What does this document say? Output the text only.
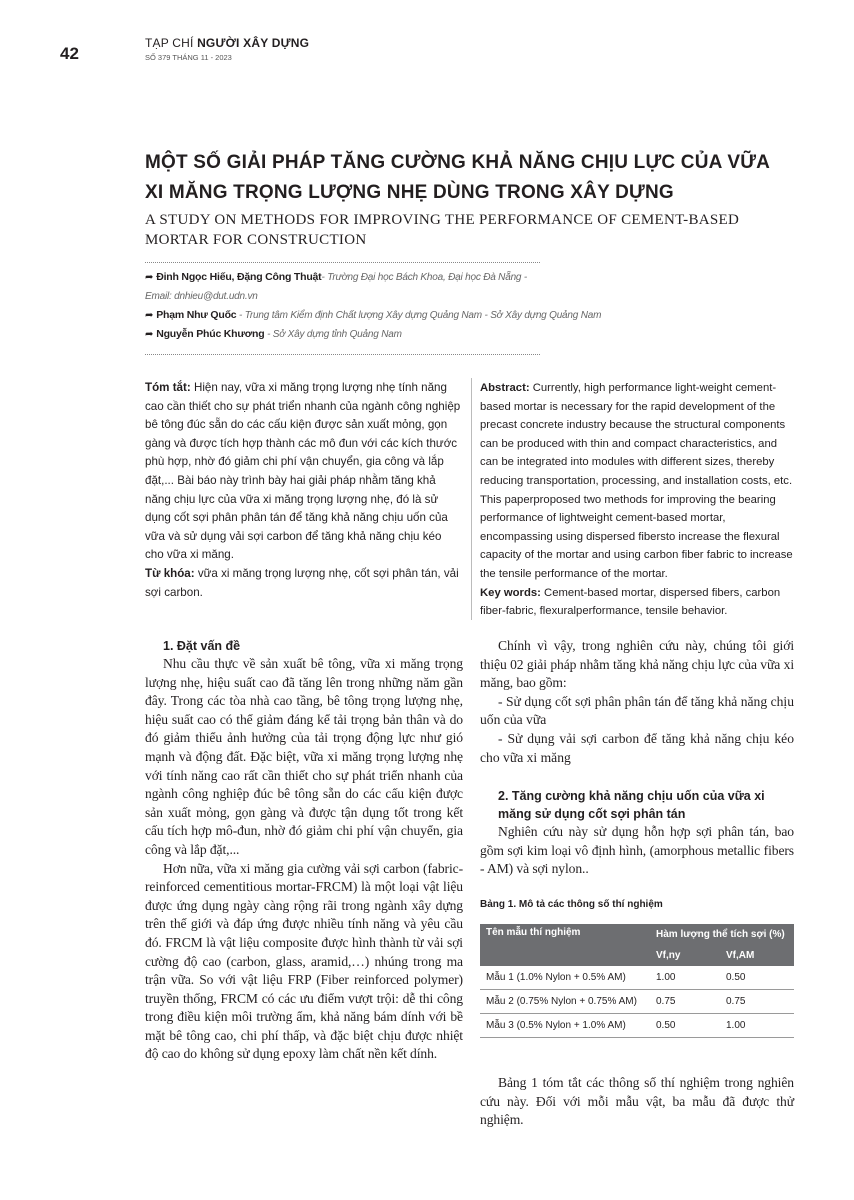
42
TẠP CHÍ NGƯỜI XÂY DỰNG
SỐ 379 THÁNG 11 - 2023
MỘT SỐ GIẢI PHÁP TĂNG CƯỜNG KHẢ NĂNG CHỊU LỰC CỦA VỮA XI MĂNG TRỌNG LƯỢNG NHẸ DÙNG TRONG XÂY DỰNG
A STUDY ON METHODS FOR IMPROVING THE PERFORMANCE OF CEMENT-BASED MORTAR FOR CONSTRUCTION
➦ Đinh Ngọc Hiếu, Đặng Công Thuật- Trường Đại học Bách Khoa, Đại học Đà Nẵng -
Email: dnhieu@dut.udn.vn
➦ Phạm Như Quốc - Trung tâm Kiểm định Chất lượng Xây dựng Quảng Nam - Sở Xây dựng Quảng Nam
➦ Nguyễn Phúc Khương - Sở Xây dựng tỉnh Quảng Nam
Tóm tắt: Hiện nay, vữa xi măng trọng lượng nhẹ tính năng cao cần thiết cho sự phát triển nhanh của ngành công nghiệp bê tông đúc sẵn do các cấu kiện được sản xuất mỏng, gọn gàng và được tích hợp thành các mô đun với các kích thước phù hợp, nhờ đó giảm chi phí vận chuyển, gia công và lắp đặt,... Bài báo này trình bày hai giải pháp nhằm tăng khả năng chịu lực của vữa xi măng trọng lượng nhẹ, đó là sử dụng cốt sợi phân phân tán để tăng khả năng chịu uốn của vữa và sử dụng vải sợi carbon để tăng khả năng chịu kéo cho vữa xi măng.
Từ khóa: vữa xi măng trọng lượng nhẹ, cốt sợi phân tán, vải sợi carbon.
Abstract: Currently, high performance light-weight cement-based mortar is necessary for the rapid development of the precast concrete industry because the structural components can be produced with thin and compact characteristics, and can be integrated into modules with different sizes, thereby reducing transportation, processing, and installation costs, etc. This paperproposed two methods for improving the bearing performance of lightweight cement-based mortar, encompassing using dispersed fibersto increase the flexural capacity of the mortar and using carbon fiber fabric to increase the tensile performance of the mortar.
Key words: Cement-based mortar, dispersed fibers, carbon fiber-fabric, flexuralperformance, tensile behavior.
1. Đặt vấn đề

Nhu cầu thực về sản xuất bê tông, vữa xi măng trọng lượng nhẹ, hiệu suất cao đã tăng lên trong những năm gần đây. Trong các tòa nhà cao tầng, bê tông trọng lượng nhẹ, hiệu suất cao có thể giảm đáng kể tải trọng bản thân và do đó giảm thiểu ảnh hưởng của tải trọng động lực như gió mạnh và động đất. Đặc biệt, vữa xi măng trọng lượng nhẹ với tính năng cao rất cần thiết cho sự phát triển nhanh của ngành công nghiệp đúc bê tông sẵn do các cấu kiện được sản xuất mỏng, gọn gàng và được tận dụng tốt trong kết cấu tích hợp mô-đun, nhờ đó giảm chi phí vận chuyển, gia công và lắp đặt,...

Hơn nữa, vữa xi măng gia cường vải sợi carbon (fabric-reinforced cementitious mortar-FRCM) là một loại vật liệu được ứng dụng ngày càng rộng rãi trong ngành xây dựng trên thế giới và đáp ứng được nhiều tính năng và yêu cầu đó. FRCM là vật liệu composite được hình thành từ vải sợi cường độ cao (carbon, glass, aramid,…) nhúng trong ma trận vữa. So với vật liệu FRP (Fiber reinforced polymer) truyền thống, FRCM có các ưu điểm vượt trội: dễ thi công trong điều kiện môi trường ẩm, khả năng bám dính với bề mặt bê tông cao, chi phí thấp, và đặc biệt chịu được nhiệt độ cao do không sử dụng epoxy làm chất nền kết dính.

Chính vì vậy, trong nghiên cứu này, chúng tôi giới thiệu 02 giải pháp nhằm tăng khả năng chịu lực của vữa xi măng, bao gồm:

- Sử dụng cốt sợi phân phân tán để tăng khả năng chịu uốn của vữa

- Sử dụng vải sợi carbon để tăng khả năng chịu kéo cho vữa xi măng

2. Tăng cường khả năng chịu uốn của vữa xi măng sử dụng cốt sợi phân tán

Nghiên cứu này sử dụng hỗn hợp sợi phân tán, bao gồm sợi kim loại vô định hình, (amorphous metallic fibers - AM) và sợi nylon..

Bảng 1. Mô tả các thông số thí nghiệm
Tên mẫu thí nghiệm	Hàm lượng thể tích sợi (%)	
	Vf,ny	Vf,AM
Mẫu 1 (1.0% Nylon + 0.5% AM)	1.00	0.50
Mẫu 2 (0.75% Nylon + 0.75% AM)	0.75	0.75
Mẫu 3 (0.5% Nylon + 1.0% AM)	0.50	1.00

Bảng 1 tóm tắt các thông số thí nghiệm trong nghiên cứu này. Đối với mỗi mẫu vật, ba mẫu đã được thử nghiệm.
